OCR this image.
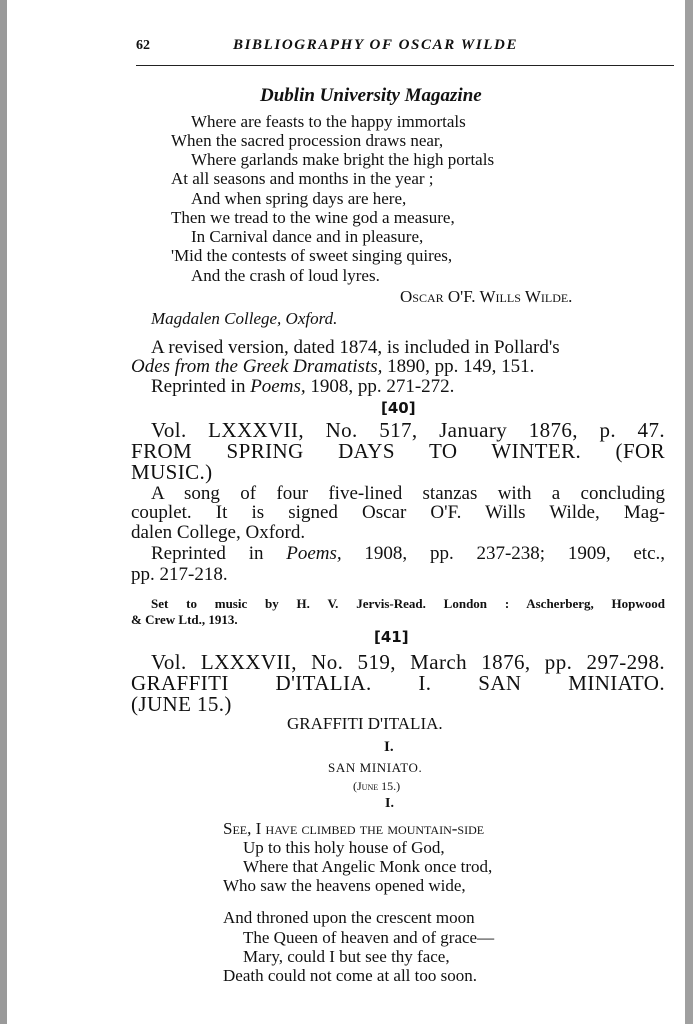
62	BIBLIOGRAPHY OF OSCAR WILDE
Dublin University Magazine
Where are feasts to the happy immortals
When the sacred procession draws near,
Where garlands make bright the high portals
At all seasons and months in the year ;
And when spring days are here,
Then we tread to the wine god a measure,
In Carnival dance and in pleasure,
'Mid the contests of sweet singing quires,
And the crash of loud lyres.
Oscar O'F. Wills Wilde.
Magdalen College, Oxford.
A revised version, dated 1874, is included in Pollard's
Odes from the Greek Dramatists, 1890, pp. 149, 151.
Reprinted in Poems, 1908, pp. 271-272.
[40]
Vol. LXXXVII, No. 517, January 1876, p. 47.
FROM SPRING DAYS TO WINTER. (FOR
MUSIC.)
A song of four five-lined stanzas with a concluding
couplet. It is signed Oscar O'F. Wills Wilde, Mag-
dalen College, Oxford.
Reprinted in Poems, 1908, pp. 237-238; 1909, etc.,
pp. 217-218.
Set to music by H. V. Jervis-Read. London : Ascherberg, Hopwood
& Crew Ltd., 1913.
[41]
Vol. LXXXVII, No. 519, March 1876, pp. 297-298.
GRAFFITI D'ITALIA. I. SAN MINIATO.
(JUNE 15.)
GRAFFITI D'ITALIA.
I.
SAN MINIATO.
(June 15.)
I.
See, I have climbed the mountain-side
Up to this holy house of God,
Where that Angelic Monk once trod,
Who saw the heavens opened wide,
And throned upon the crescent moon
The Queen of heaven and of grace—
Mary, could I but see thy face,
Death could not come at all too soon.
